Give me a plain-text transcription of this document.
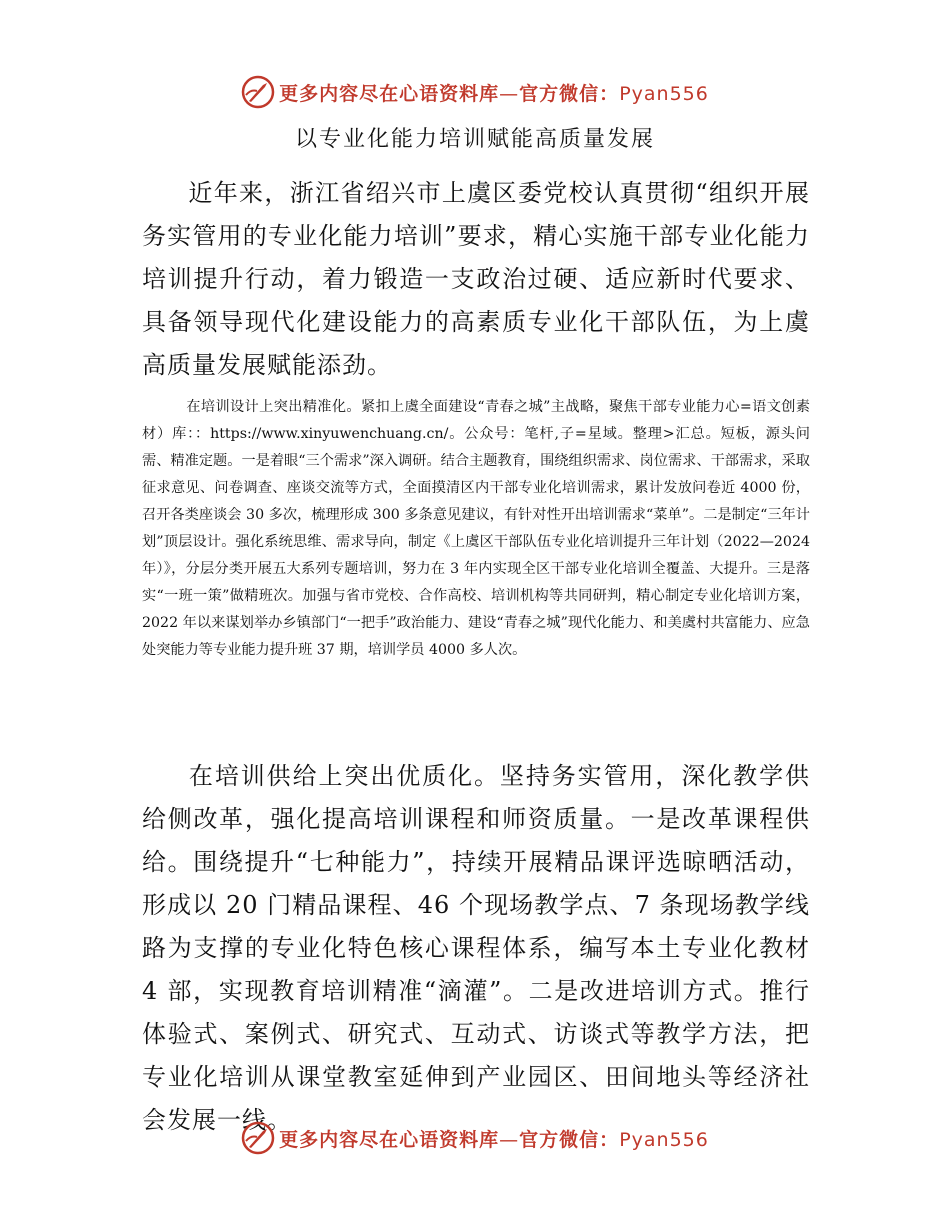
更多内容尽在心语资料库—官方微信：Pyan556
以专业化能力培训赋能高质量发展

近年来，浙江省绍兴市上虞区委党校认真贯彻“组织开展务实管用的专业化能力培训”要求，精心实施干部专业化能力培训提升行动，着力锻造一支政治过硬、适应新时代要求、具备领导现代化建设能力的高素质专业化干部队伍，为上虞高质量发展赋能添劲。

在培训设计上突出精准化。紧扣上虞全面建设“青春之城”主战略，聚焦干部专业能力心=语文创素材）库：：https://www.xinyuwenchuang.cn/。公众号：笔杆,子=星域。整理>汇总。短板，源头问需、精准定题。一是着眼“三个需求”深入调研。结合主题教育，围绕组织需求、岗位需求、干部需求，采取征求意见、问卷调查、座谈交流等方式，全面摸清区内干部专业化培训需求，累计发放问卷近 4000 份，召开各类座谈会 30 多次，梳理形成 300 多条意见建议，有针对性开出培训需求“菜单”。二是制定“三年计划”顶层设计。强化系统思维、需求导向，制定《上虞区干部队伍专业化培训提升三年计划（2022—2024 年）》，分层分类开展五大系列专题培训，努力在 3 年内实现全区干部专业化培训全覆盖、大提升。三是落实“一班一策”做精班次。加强与省市党校、合作高校、培训机构等共同研判，精心制定专业化培训方案，2022 年以来谋划举办乡镇部门“一把手”政治能力、建设“青春之城”现代化能力、和美虞村共富能力、应急处突能力等专业能力提升班 37 期，培训学员 4000 多人次。

在培训供给上突出优质化。坚持务实管用，深化教学供给侧改革，强化提高培训课程和师资质量。一是改革课程供给。围绕提升“七种能力”，持续开展精品课评选晾晒活动，形成以 20 门精品课程、46 个现场教学点、7 条现场教学线路为支撑的专业化特色核心课程体系，编写本土专业化教材 4 部，实现教育培训精准“滴灌”。二是改进培训方式。推行体验式、案例式、研究式、互动式、访谈式等教学方法，把专业化培训从课堂教室延伸到产业园区、田间地头等经济社会发展一线。

更多内容尽在心语资料库—官方微信：Pyan556
